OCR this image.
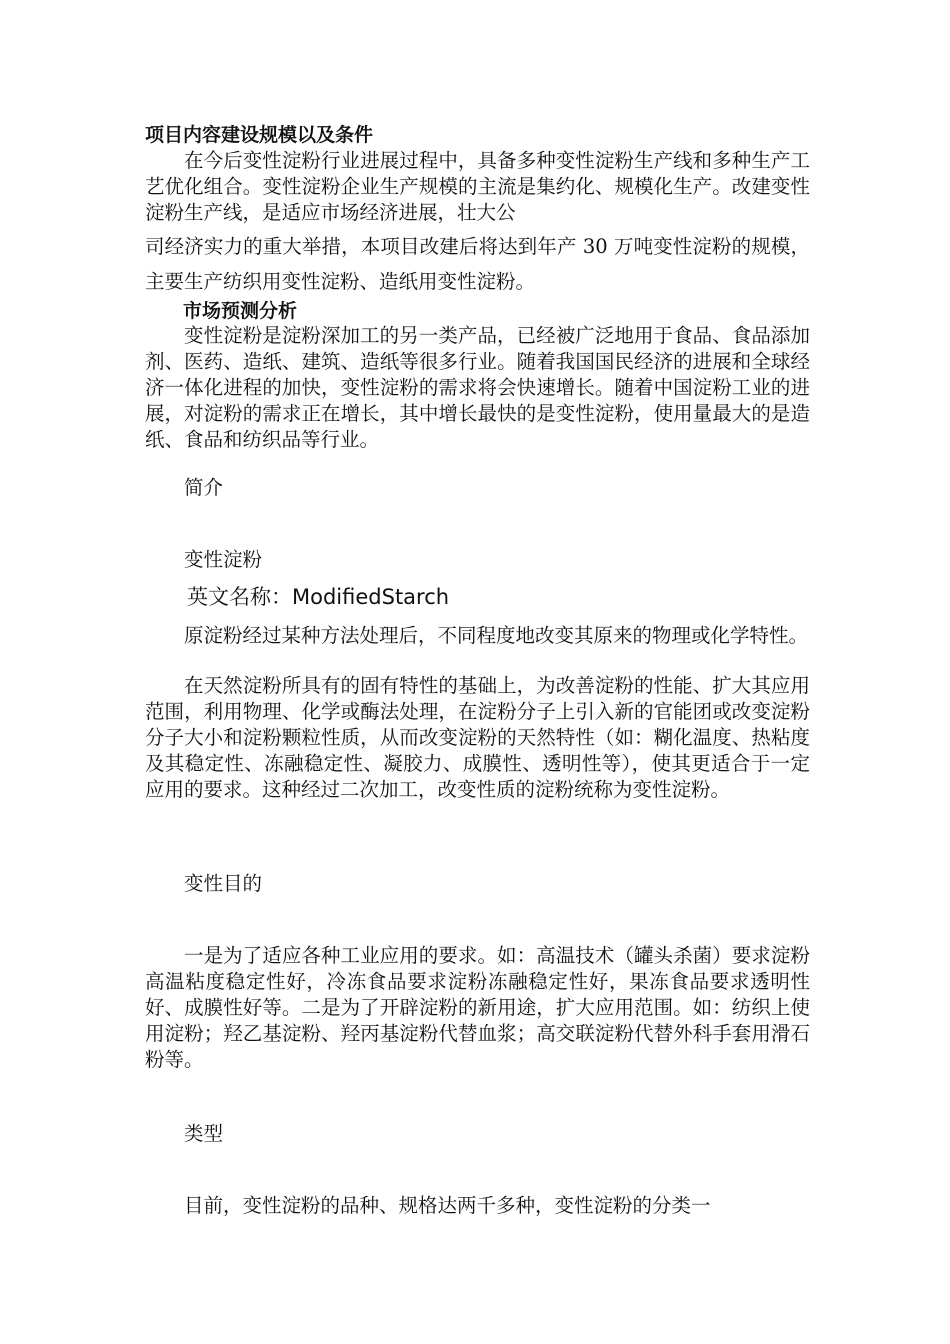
项目内容建设规模以及条件

在今后变性淀粉行业进展过程中，具备多种变性淀粉生产线和多种生产工艺优化组合。变性淀粉企业生产规模的主流是集约化、规模化生产。改建变性淀粉生产线，是适应市场经济进展，壮大公

司经济实力的重大举措，本项目改建后将达到年产 30 万吨变性淀粉的规模，主要生产纺织用变性淀粉、造纸用变性淀粉。

市场预测分析

变性淀粉是淀粉深加工的另一类产品，已经被广泛地用于食品、食品添加剂、医药、造纸、建筑、造纸等很多行业。随着我国国民经济的进展和全球经济一体化进程的加快，变性淀粉的需求将会快速增长。随着中国淀粉工业的进展，对淀粉的需求正在增长，其中增长最快的是变性淀粉，使用量最大的是造纸、食品和纺织品等行业。

简介

变性淀粉

英文名称：ModifiedStarch

原淀粉经过某种方法处理后，不同程度地改变其原来的物理或化学特性。

在天然淀粉所具有的固有特性的基础上，为改善淀粉的性能、扩大其应用范围，利用物理、化学或酶法处理，在淀粉分子上引入新的官能团或改变淀粉分子大小和淀粉颗粒性质，从而改变淀粉的天然特性（如：糊化温度、热粘度及其稳定性、冻融稳定性、凝胶力、成膜性、透明性等），使其更适合于一定应用的要求。这种经过二次加工，改变性质的淀粉统称为变性淀粉。

变性目的

一是为了适应各种工业应用的要求。如：高温技术（罐头杀菌）要求淀粉高温粘度稳定性好，冷冻食品要求淀粉冻融稳定性好，果冻食品要求透明性好、成膜性好等。二是为了开辟淀粉的新用途，扩大应用范围。如：纺织上使用淀粉；羟乙基淀粉、羟丙基淀粉代替血浆；高交联淀粉代替外科手套用滑石粉等。

类型

目前，变性淀粉的品种、规格达两千多种，变性淀粉的分类一
